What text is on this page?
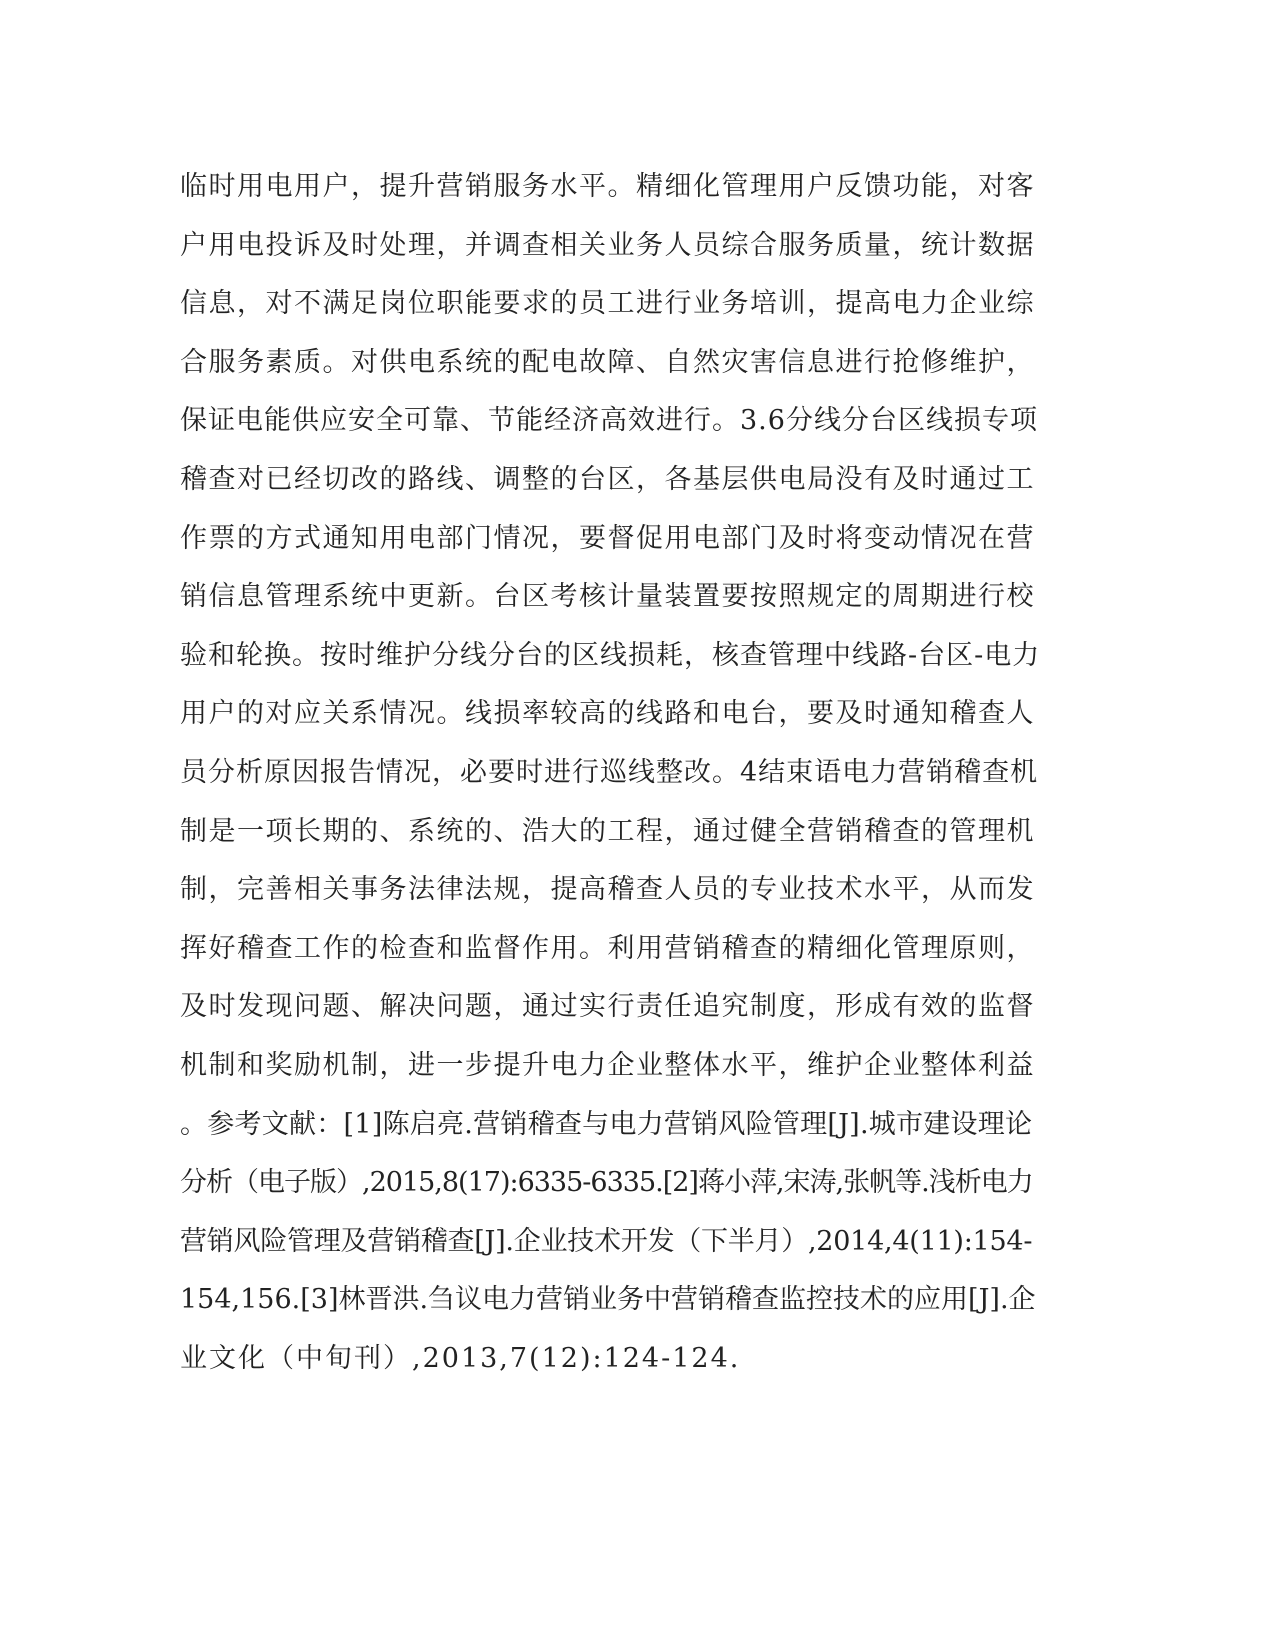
临时用电用户，提升营销服务水平。精细化管理用户反馈功能，对客
户用电投诉及时处理，并调查相关业务人员综合服务质量，统计数据
信息，对不满足岗位职能要求的员工进行业务培训，提高电力企业综
合服务素质。对供电系统的配电故障、自然灾害信息进行抢修维护，
保证电能供应安全可靠、节能经济高效进行。3.6分线分台区线损专项
稽查对已经切改的路线、调整的台区，各基层供电局没有及时通过工
作票的方式通知用电部门情况，要督促用电部门及时将变动情况在营
销信息管理系统中更新。台区考核计量装置要按照规定的周期进行校
验和轮换。按时维护分线分台的区线损耗，核查管理中线路-台区-电力
用户的对应关系情况。线损率较高的线路和电台，要及时通知稽查人
员分析原因报告情况，必要时进行巡线整改。4结束语电力营销稽查机
制是一项长期的、系统的、浩大的工程，通过健全营销稽查的管理机
制，完善相关事务法律法规，提高稽查人员的专业技术水平，从而发
挥好稽查工作的检查和监督作用。利用营销稽查的精细化管理原则，
及时发现问题、解决问题，通过实行责任追究制度，形成有效的监督
机制和奖励机制，进一步提升电力企业整体水平，维护企业整体利益
。参考文献：[1]陈启亮.营销稽查与电力营销风险管理[J].城市建设理论
分析（电子版）,2015,8(17):6335-6335.[2]蒋小萍,宋涛,张帆等.浅析电力
营销风险管理及营销稽查[J].企业技术开发（下半月）,2014,4(11):154-
154,156.[3]林晋洪.刍议电力营销业务中营销稽查监控技术的应用[J].企
业文化（中旬刊）,2013,7(12):124-124.
